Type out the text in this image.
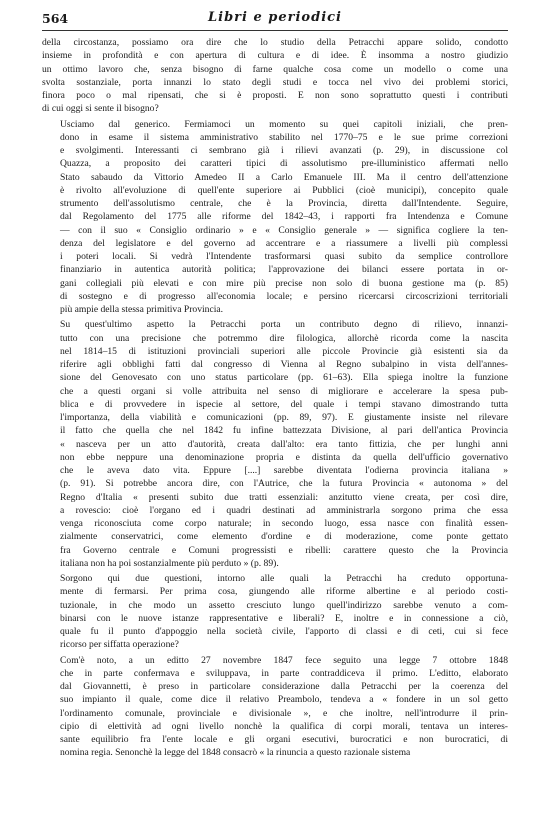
564	Libri e periodici
della circostanza, possiamo ora dire che lo studio della Petracchi appare solido, condotto
insieme in profondità e con apertura di cultura e di idee. È insomma a nostro giudizio
un ottimo lavoro che, senza bisogno di farne qualche cosa come un modello o come una
svolta sostanziale, porta innanzi lo stato degli studi e tocca nel vivo dei problemi storici,
finora poco o mal ripensati, che si è proposti. E non sono soprattutto questi i contributi
di cui oggi si sente il bisogno?
Usciamo dal generico. Fermiamoci un momento su quei capitoli iniziali, che pren-
dono in esame il sistema amministrativo stabilito nel 1770–75 e le sue prime correzioni
e svolgimenti. Interessanti ci sembrano già i rilievi avanzati (p. 29), in discussione col
Quazza, a proposito dei caratteri tipici di assolutismo pre-illuministico affermati nello
Stato sabaudo da Vittorio Amedeo II a Carlo Emanuele III. Ma il centro dell'attenzione
è rivolto all'evoluzione di quell'ente superiore ai Pubblici (cioè municipi), concepito quale
strumento dell'assolutismo centrale, che è la Provincia, diretta dall'Intendente. Seguire,
dal Regolamento del 1775 alle riforme del 1842–43, i rapporti fra Intendenza e Comune
— con il suo « Consiglio ordinario » e « Consiglio generale » — significa cogliere la ten-
denza del legislatore e del governo ad accentrare e a riassumere a livelli più complessi
i poteri locali. Si vedrà l'Intendente trasformarsi quasi subito da semplice controllore
finanziario in autentica autorità politica; l'approvazione dei bilanci essere portata in or-
gani collegiali più elevati e con mire più precise non solo di buona gestione ma (p. 85)
di sostegno e di progresso all'economia locale; e persino ricercarsi circoscrizioni territoriali
più ampie della stessa primitiva Provincia.
Su quest'ultimo aspetto la Petracchi porta un contributo degno di rilievo, innanzi-
tutto con una precisione che potremmo dire filologica, allorchè ricorda come la nascita
nel 1814–15 di istituzioni provinciali superiori alle piccole Provincie già esistenti sia da
riferire agli obblighi fatti dal congresso di Vienna al Regno subalpino in vista dell'annes-
sione del Genovesato con uno status particolare (pp. 61–63). Ella spiega inoltre la funzione
che a questi organi si volle attribuita nel senso di migliorare e accelerare la spesa pub-
blica e di provvedere in ispecie al settore, del quale i tempi stavano dimostrando tutta
l'importanza, della viabilità e comunicazioni (pp. 89, 97). E giustamente insiste nel rilevare
il fatto che quella che nel 1842 fu infine battezzata Divisione, al pari dell'antica Provincia
« nasceva per un atto d'autorità, creata dall'alto: era tanto fittizia, che per lunghi anni
non ebbe neppure una denominazione propria e distinta da quella dell'ufficio governativo
che le aveva dato vita. Eppure [....] sarebbe diventata l'odierna provincia italiana »
(p. 91). Si potrebbe ancora dire, con l'Autrice, che la futura Provincia « autonoma » del
Regno d'Italia « presenti subito due tratti essenziali: anzitutto viene creata, per così dire,
a rovescio: cioè l'organo ed i quadri destinati ad amministrarla sorgono prima che essa
venga riconosciuta come corpo naturale; in secondo luogo, essa nasce con finalità essen-
zialmente conservatrici, come elemento d'ordine e di moderazione, come ponte gettato
fra Governo centrale e Comuni progressisti e ribelli: carattere questo che la Provincia
italiana non ha poi sostanzialmente più perduto » (p. 89).
Sorgono qui due questioni, intorno alle quali la Petracchi ha creduto opportuna-
mente di fermarsi. Per prima cosa, giungendo alle riforme albertine e al periodo costi-
tuzionale, in che modo un assetto cresciuto lungo quell'indirizzo sarebbe venuto a com-
binarsi con le nuove istanze rappresentative e liberali? E, inoltre e in connessione a ciò,
quale fu il punto d'appoggio nella società civile, l'apporto di classi e di ceti, cui si fece
ricorso per siffatta operazione?
Com'è noto, a un editto 27 novembre 1847 fece seguito una legge 7 ottobre 1848
che in parte confermava e sviluppava, in parte contraddiceva il primo. L'editto, elaborato
dal Giovannetti, è preso in particolare considerazione dalla Petracchi per la coerenza del
suo impianto il quale, come dice il relativo Preambolo, tendeva a « fondere in un sol getto
l'ordinamento comunale, provinciale e divisionale », e che inoltre, nell'introdurre il prin-
cipio di elettività ad ogni livello nonchè la qualifica di corpi morali, tentava un interes-
sante equilibrio fra l'ente locale e gli organi esecutivi, burocratici e non burocratici, di
nomina regia. Senonchè la legge del 1848 consacrò « la rinuncia a questo razionale sistema
